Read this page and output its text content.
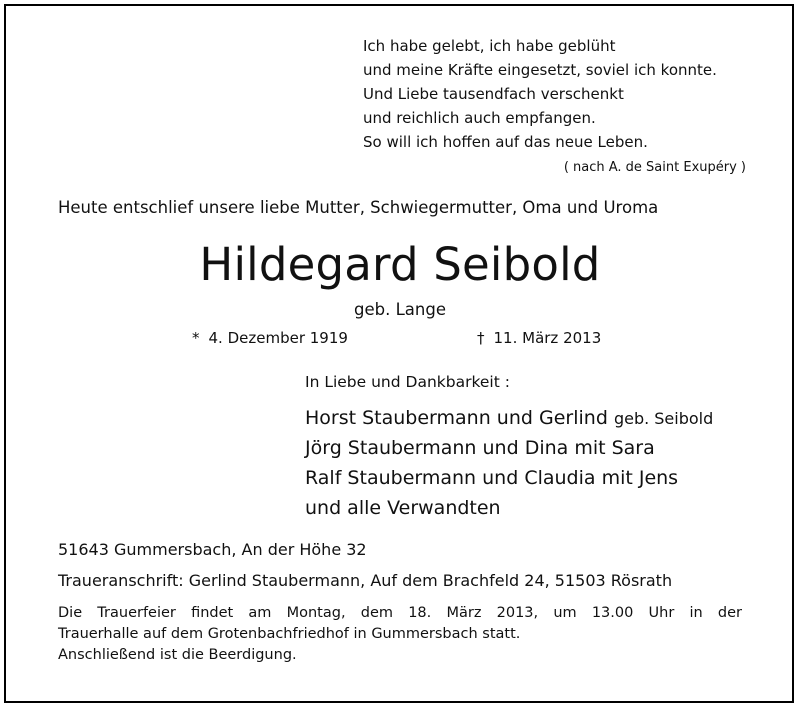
Ich habe gelebt, ich habe geblüht
und meine Kräfte eingesetzt, soviel ich konnte.
Und Liebe tausendfach verschenkt
und reichlich auch empfangen.
So will ich hoffen auf das neue Leben.
( nach A. de Saint Exupéry )
Heute entschlief unsere liebe Mutter, Schwiegermutter, Oma und Uroma
Hildegard Seibold
geb. Lange
* 4. Dezember 1919	† 11. März 2013
In Liebe und Dankbarkeit :
Horst Staubermann und Gerlind geb. Seibold
Jörg Staubermann und Dina mit Sara
Ralf Staubermann und Claudia mit Jens
und alle Verwandten
51643 Gummersbach, An der Höhe 32
Traueranschrift: Gerlind Staubermann, Auf dem Brachfeld 24, 51503 Rösrath
Die Trauerfeier findet am Montag, dem 18. März 2013, um 13.00 Uhr in der
Trauerhalle auf dem Grotenbachfriedhof in Gummersbach statt.
Anschließend ist die Beerdigung.
